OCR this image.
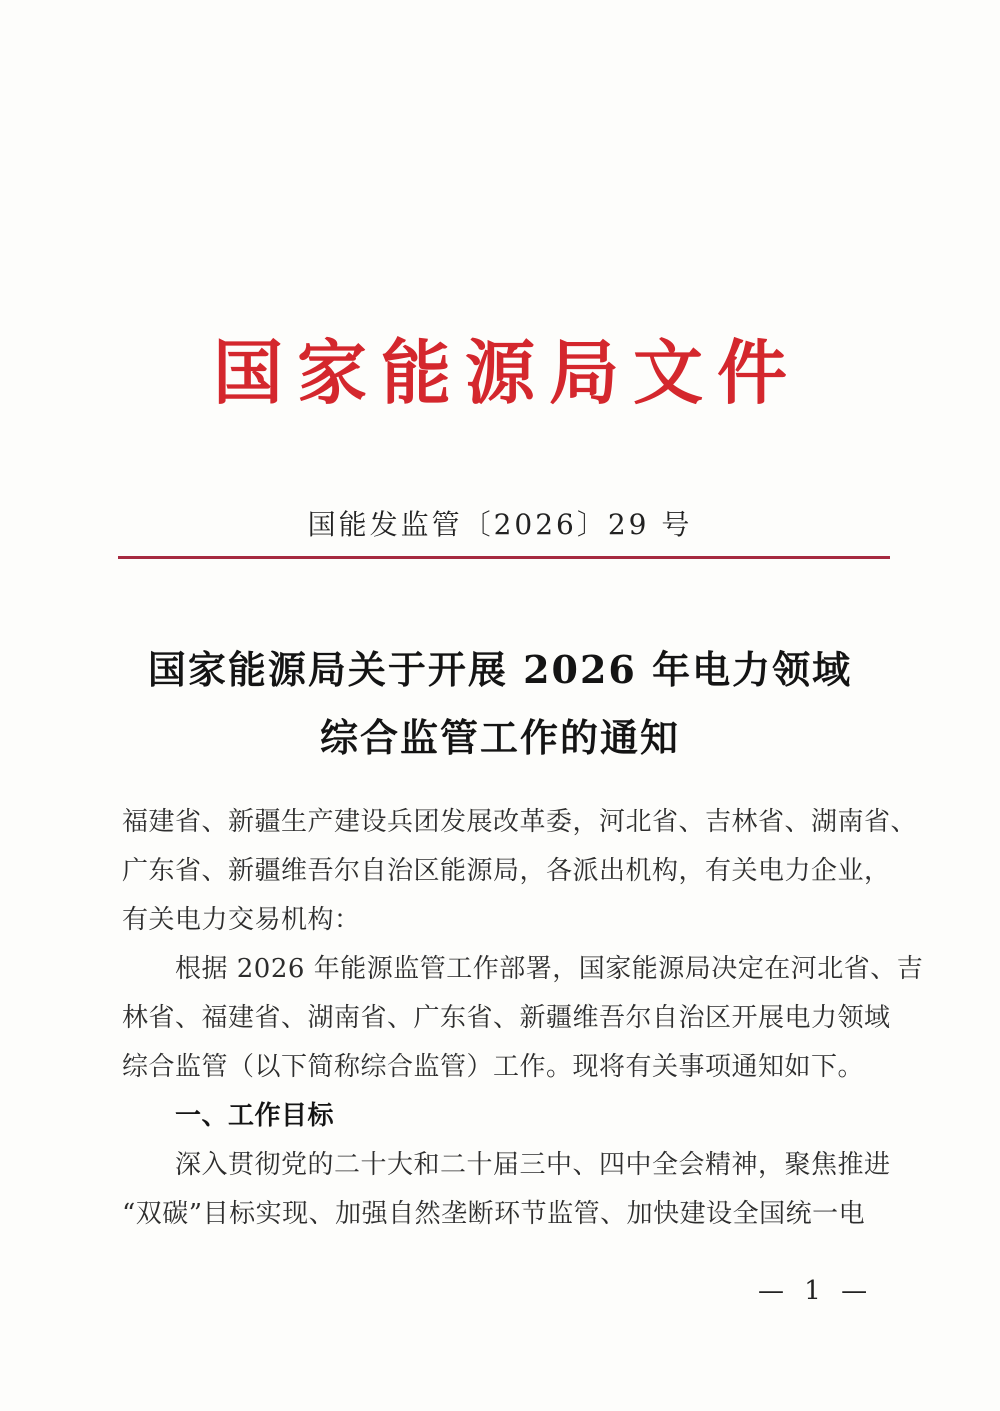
国家能源局文件
国能发监管〔2026〕29 号
国家能源局关于开展 2026 年电力领域
综合监管工作的通知
福建省、新疆生产建设兵团发展改革委，河北省、吉林省、湖南省、
广东省、新疆维吾尔自治区能源局，各派出机构，有关电力企业，
有关电力交易机构：
根据 2026 年能源监管工作部署，国家能源局决定在河北省、吉
林省、福建省、湖南省、广东省、新疆维吾尔自治区开展电力领域
综合监管（以下简称综合监管）工作。现将有关事项通知如下。
一、工作目标
深入贯彻党的二十大和二十届三中、四中全会精神，聚焦推进
“双碳”目标实现、加强自然垄断环节监管、加快建设全国统一电
— 1 —
